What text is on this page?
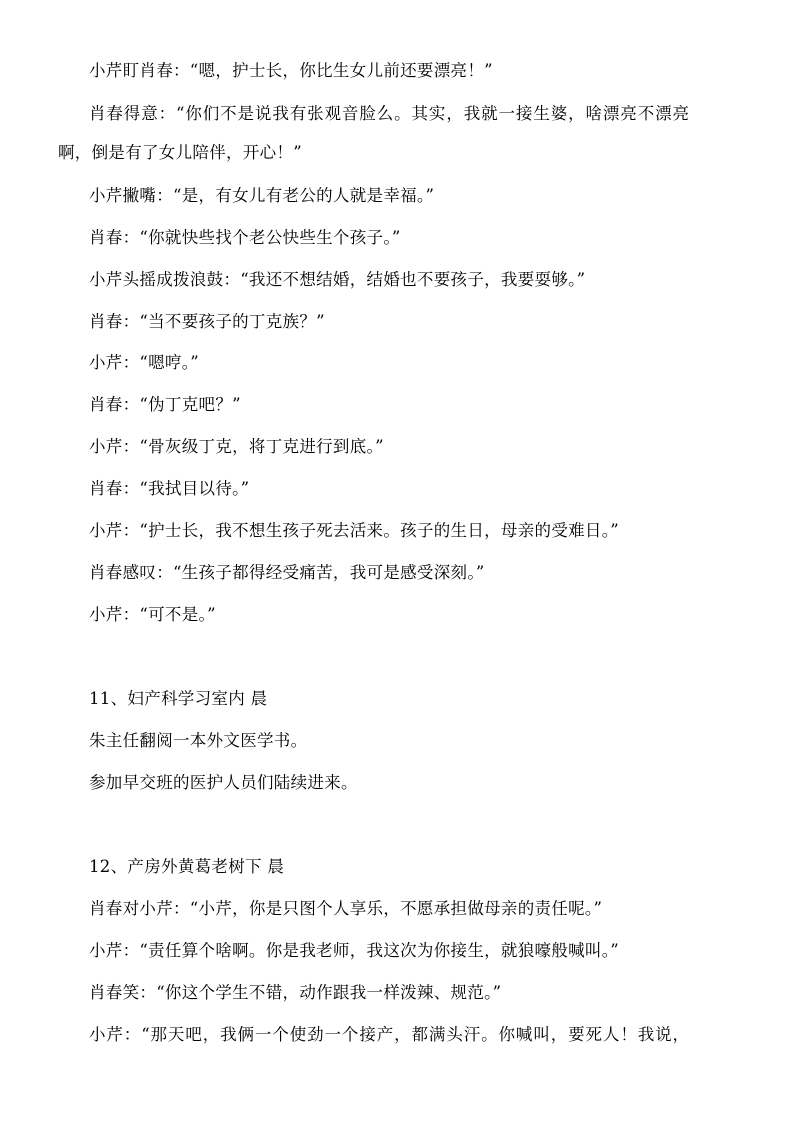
小芹盯肖春：“嗯，护士长，你比生女儿前还要漂亮！”
肖春得意：“你们不是说我有张观音脸么。其实，我就一接生婆，啥漂亮不漂亮
啊，倒是有了女儿陪伴，开心！”
小芹撇嘴：“是，有女儿有老公的人就是幸福。”
肖春：“你就快些找个老公快些生个孩子。”
小芹头摇成拨浪鼓：“我还不想结婚，结婚也不要孩子，我要耍够。”
肖春：“当不要孩子的丁克族？”
小芹：“嗯哼。”
肖春：“伪丁克吧？”
小芹：“骨灰级丁克，将丁克进行到底。”
肖春：“我拭目以待。”
小芹：“护士长，我不想生孩子死去活来。孩子的生日，母亲的受难日。”
肖春感叹：“生孩子都得经受痛苦，我可是感受深刻。”
小芹：“可不是。”
11、妇产科学习室内 晨
朱主任翻阅一本外文医学书。
参加早交班的医护人员们陆续进来。
12、产房外黄葛老树下 晨
肖春对小芹：“小芹，你是只图个人享乐，不愿承担做母亲的责任呢。”
小芹：“责任算个啥啊。你是我老师，我这次为你接生，就狼嚎般喊叫。”
肖春笑：“你这个学生不错，动作跟我一样泼辣、规范。”
小芹：“那天吧，我俩一个使劲一个接产，都满头汗。你喊叫，要死人！我说，
